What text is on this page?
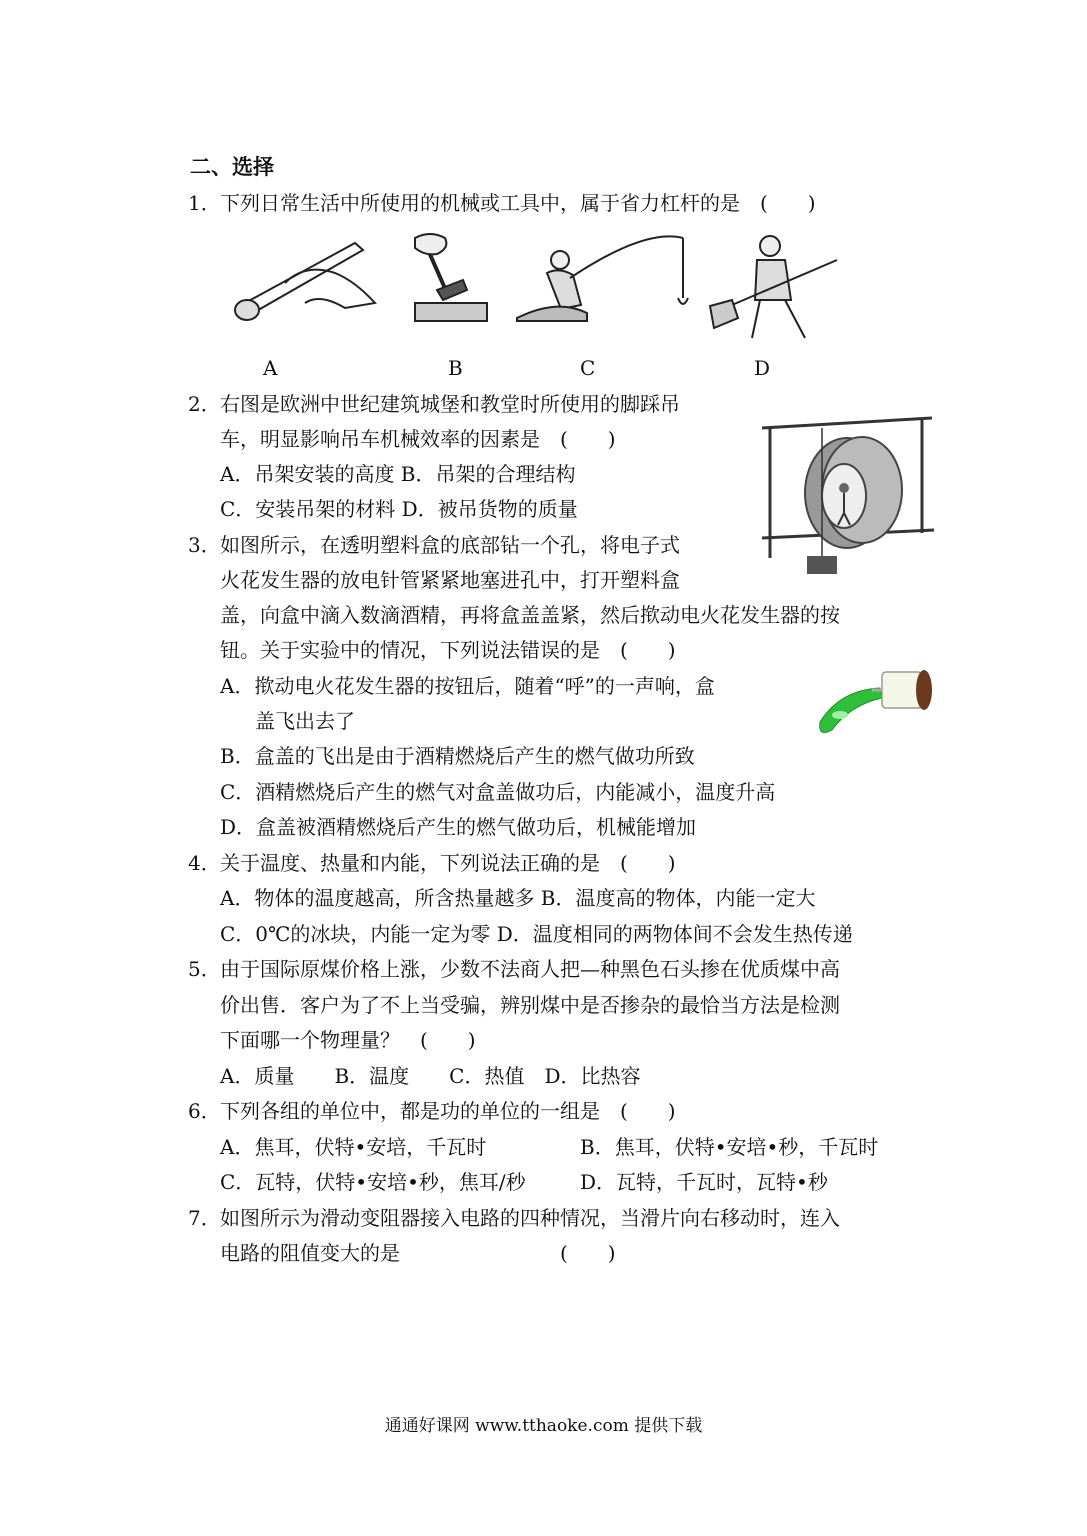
二、选择
1． 下列日常生活中所使用的机械或工具中，属于省力杠杆的是　(　　)
A	B	C	D
2． 右图是欧洲中世纪建筑城堡和教堂时所使用的脚踩吊
车，明显影响吊车机械效率的因素是　(　　)
A．吊架安装的高度 B．吊架的合理结构
C．安装吊架的材料 D．被吊货物的质量
3． 如图所示，在透明塑料盒的底部钻一个孔，将电子式
火花发生器的放电针管紧紧地塞进孔中，打开塑料盒
盖，向盒中滴入数滴酒精，再将盒盖盖紧，然后揿动电火花发生器的按
钮。关于实验中的情况，下列说法错误的是　(　　)
A．揿动电火花发生器的按钮后，随着“呼”的一声响，盒
盖飞出去了
B．盒盖的飞出是由于酒精燃烧后产生的燃气做功所致
C．酒精燃烧后产生的燃气对盒盖做功后，内能减小，温度升高
D．盒盖被酒精燃烧后产生的燃气做功后，机械能增加
4． 关于温度、热量和内能，下列说法正确的是　(　　)
A．物体的温度越高，所含热量越多 B．温度高的物体，内能一定大
C．0℃的冰块，内能一定为零 D．温度相同的两物体间不会发生热传递
5． 由于国际原煤价格上涨，少数不法商人把—种黑色石头掺在优质煤中高
价出售．客户为了不上当受骗，辨别煤中是否掺杂的最恰当方法是检测
下面哪一个物理量？　(　　)
A．质量　　B．温度　　C．热值　D．比热容
6． 下列各组的单位中，都是功的单位的一组是　(　　)
A．焦耳，伏特•安培，千瓦时	B．焦耳，伏特•安培•秒，千瓦时
C．瓦特，伏特•安培•秒，焦耳/秒	D．瓦特，千瓦时，瓦特•秒
7． 如图所示为滑动变阻器接入电路的四种情况，当滑片向右移动时，连入
电路的阻值变大的是　　　　　　　　(　　)
通通好课网 www.tthaoke.com 提供下载
